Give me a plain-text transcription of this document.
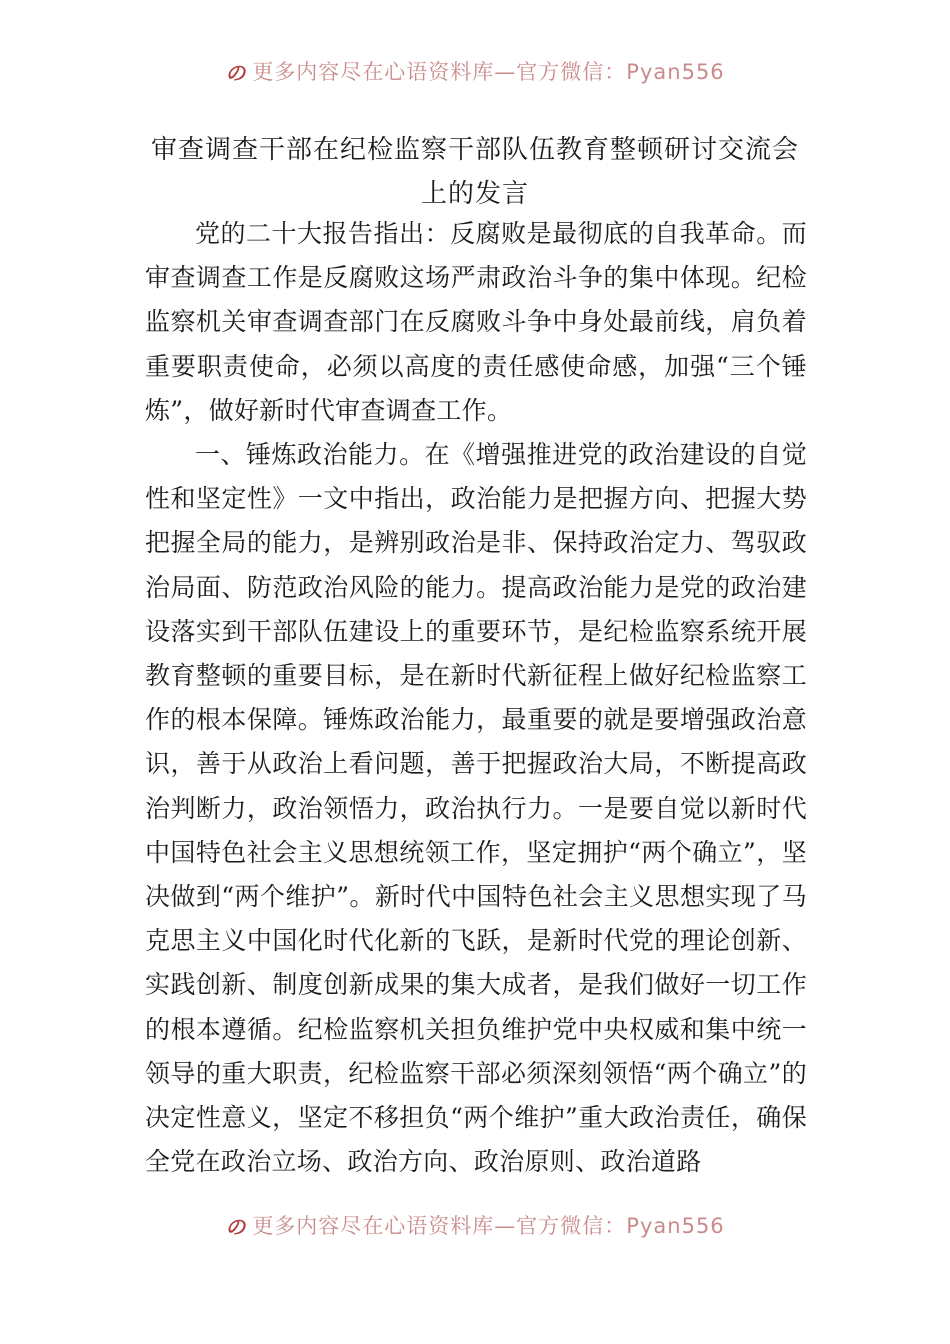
の 更多内容尽在心语资料库—官方微信：Pyan556
审查调查干部在纪检监察干部队伍教育整顿研讨交流会上的发言

党的二十大报告指出：反腐败是最彻底的自我革命。而审查调查工作是反腐败这场严肃政治斗争的集中体现。纪检监察机关审查调查部门在反腐败斗争中身处最前线，肩负着重要职责使命，必须以高度的责任感使命感，加强“三个锤炼”，做好新时代审查调查工作。

一、锤炼政治能力。在《增强推进党的政治建设的自觉性和坚定性》一文中指出，政治能力是把握方向、把握大势把握全局的能力，是辨别政治是非、保持政治定力、驾驭政治局面、防范政治风险的能力。提高政治能力是党的政治建设落实到干部队伍建设上的重要环节，是纪检监察系统开展教育整顿的重要目标，是在新时代新征程上做好纪检监察工作的根本保障。锤炼政治能力，最重要的就是要增强政治意识，善于从政治上看问题，善于把握政治大局，不断提高政治判断力，政治领悟力，政治执行力。一是要自觉以新时代中国特色社会主义思想统领工作，坚定拥护“两个确立”，坚决做到“两个维护”。新时代中国特色社会主义思想实现了马克思主义中国化时代化新的飞跃，是新时代党的理论创新、实践创新、制度创新成果的集大成者，是我们做好一切工作的根本遵循。纪检监察机关担负维护党中央权威和集中统一领导的重大职责，纪检监察干部必须深刻领悟“两个确立”的决定性意义，坚定不移担负“两个维护”重大政治责任，确保全党在政治立场、政治方向、政治原则、政治道路

の 更多内容尽在心语资料库—官方微信：Pyan556
